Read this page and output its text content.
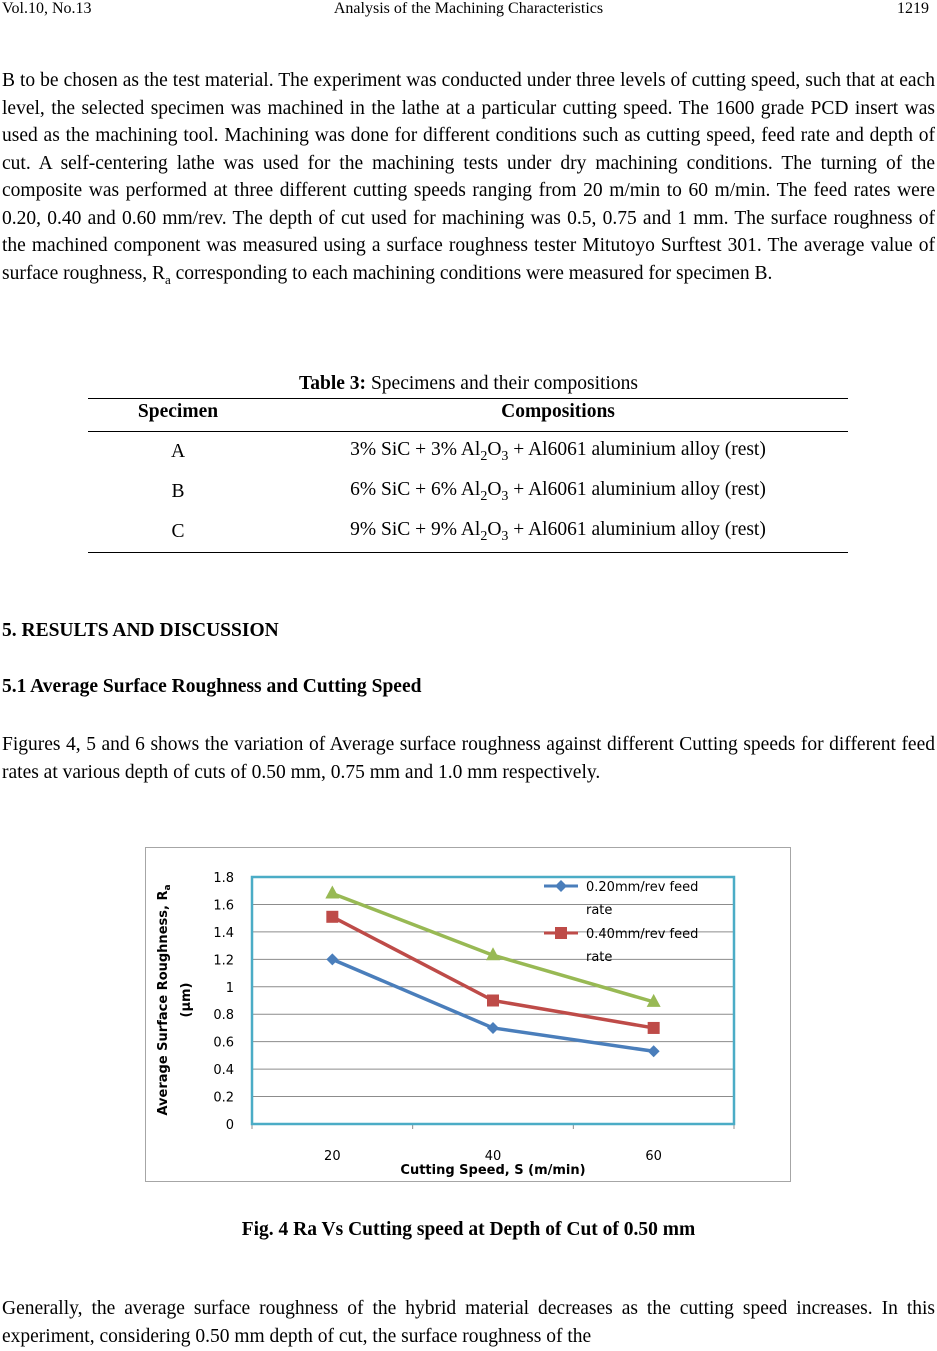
Vol.10, No.13	Analysis of the Machining Characteristics	1219

B to be chosen as the test material. The experiment was conducted under three levels of cutting speed, such that at each level, the selected specimen was machined in the lathe at a particular cutting speed. The 1600 grade PCD insert was used as the machining tool. Machining was done for different conditions such as cutting speed, feed rate and depth of cut. A self-centering lathe was used for the machining tests under dry machining conditions. The turning of the composite was performed at three different cutting speeds ranging from 20 m/min to 60 m/min. The feed rates were 0.20, 0.40 and 0.60 mm/rev. The depth of cut used for machining was 0.5, 0.75 and 1 mm. The surface roughness of the machined component was measured using a surface roughness tester Mitutoyo Surftest 301. The average value of surface roughness, $R_a$ corresponding to each machining conditions were measured for specimen B.

Table 3: Specimens and their compositions
Specimen	Compositions
A	3% SiC + 3% $Al_2O_3 + Al6061$ aluminium alloy (rest)
B	6% SiC + 6% $Al_2O_3 + Al6061$ aluminium alloy (rest)
C	9% SiC + 9% $Al_2O_3 + Al6061$ aluminium alloy (rest)
5. RESULTS AND DISCUSSION
5.1 Average Surface Roughness and Cutting Speed

Figures 4, 5 and 6 shows the variation of Average surface roughness against different Cutting speeds for different feed rates at various depth of cuts of 0.50 mm, 0.75 mm and 1.0 mm respectively.

0
0.2
0.4
0.6
0.8
1
1.2
1.4
1.6
1.8
20	40	60
Cutting Speed, S (m/min)
Average Surface Roughness, $R_a$
(µm)
0.20mm/rev feed
rate
0.40mm/rev feed
rate
Fig. 4 Ra Vs Cutting speed at Depth of Cut of 0.50 mm

Generally, the average surface roughness of the hybrid material decreases as the cutting speed increases. In this experiment, considering 0.50 mm depth of cut, the surface roughness of the
